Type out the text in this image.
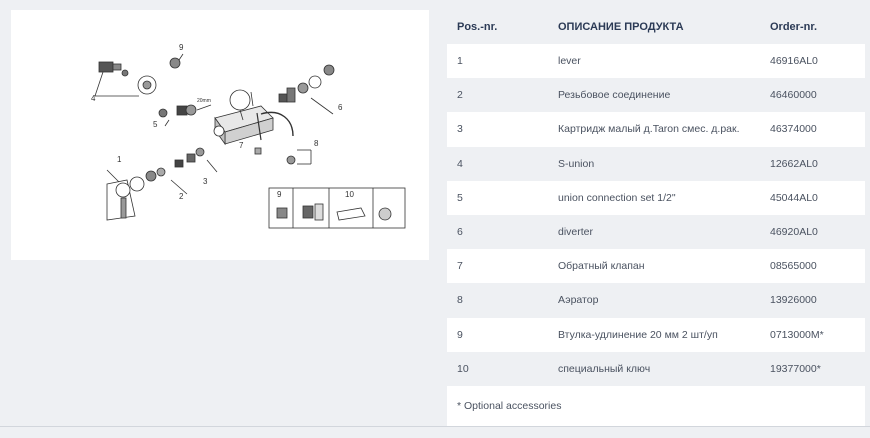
1
2
3
4
5
6
7	8
9
20mm
9	10
Pos.-nr.	ОПИСАНИЕ ПРОДУКТА	Order-nr.
1	lever	46916AL0
2	Резьбовое соединение	46460000
3	Картридж малый д.Taron смес. д.рак.	46374000
4	S-union	12662AL0
5	union connection set 1/2"	45044AL0
6	diverter	46920AL0
7	Обратный клапан	08565000
8	Аэратор	13926000
9	Втулка-удлинение 20 мм 2 шт/уп	0713000M*
10	специальный ключ	19377000*
* Optional accessories		
